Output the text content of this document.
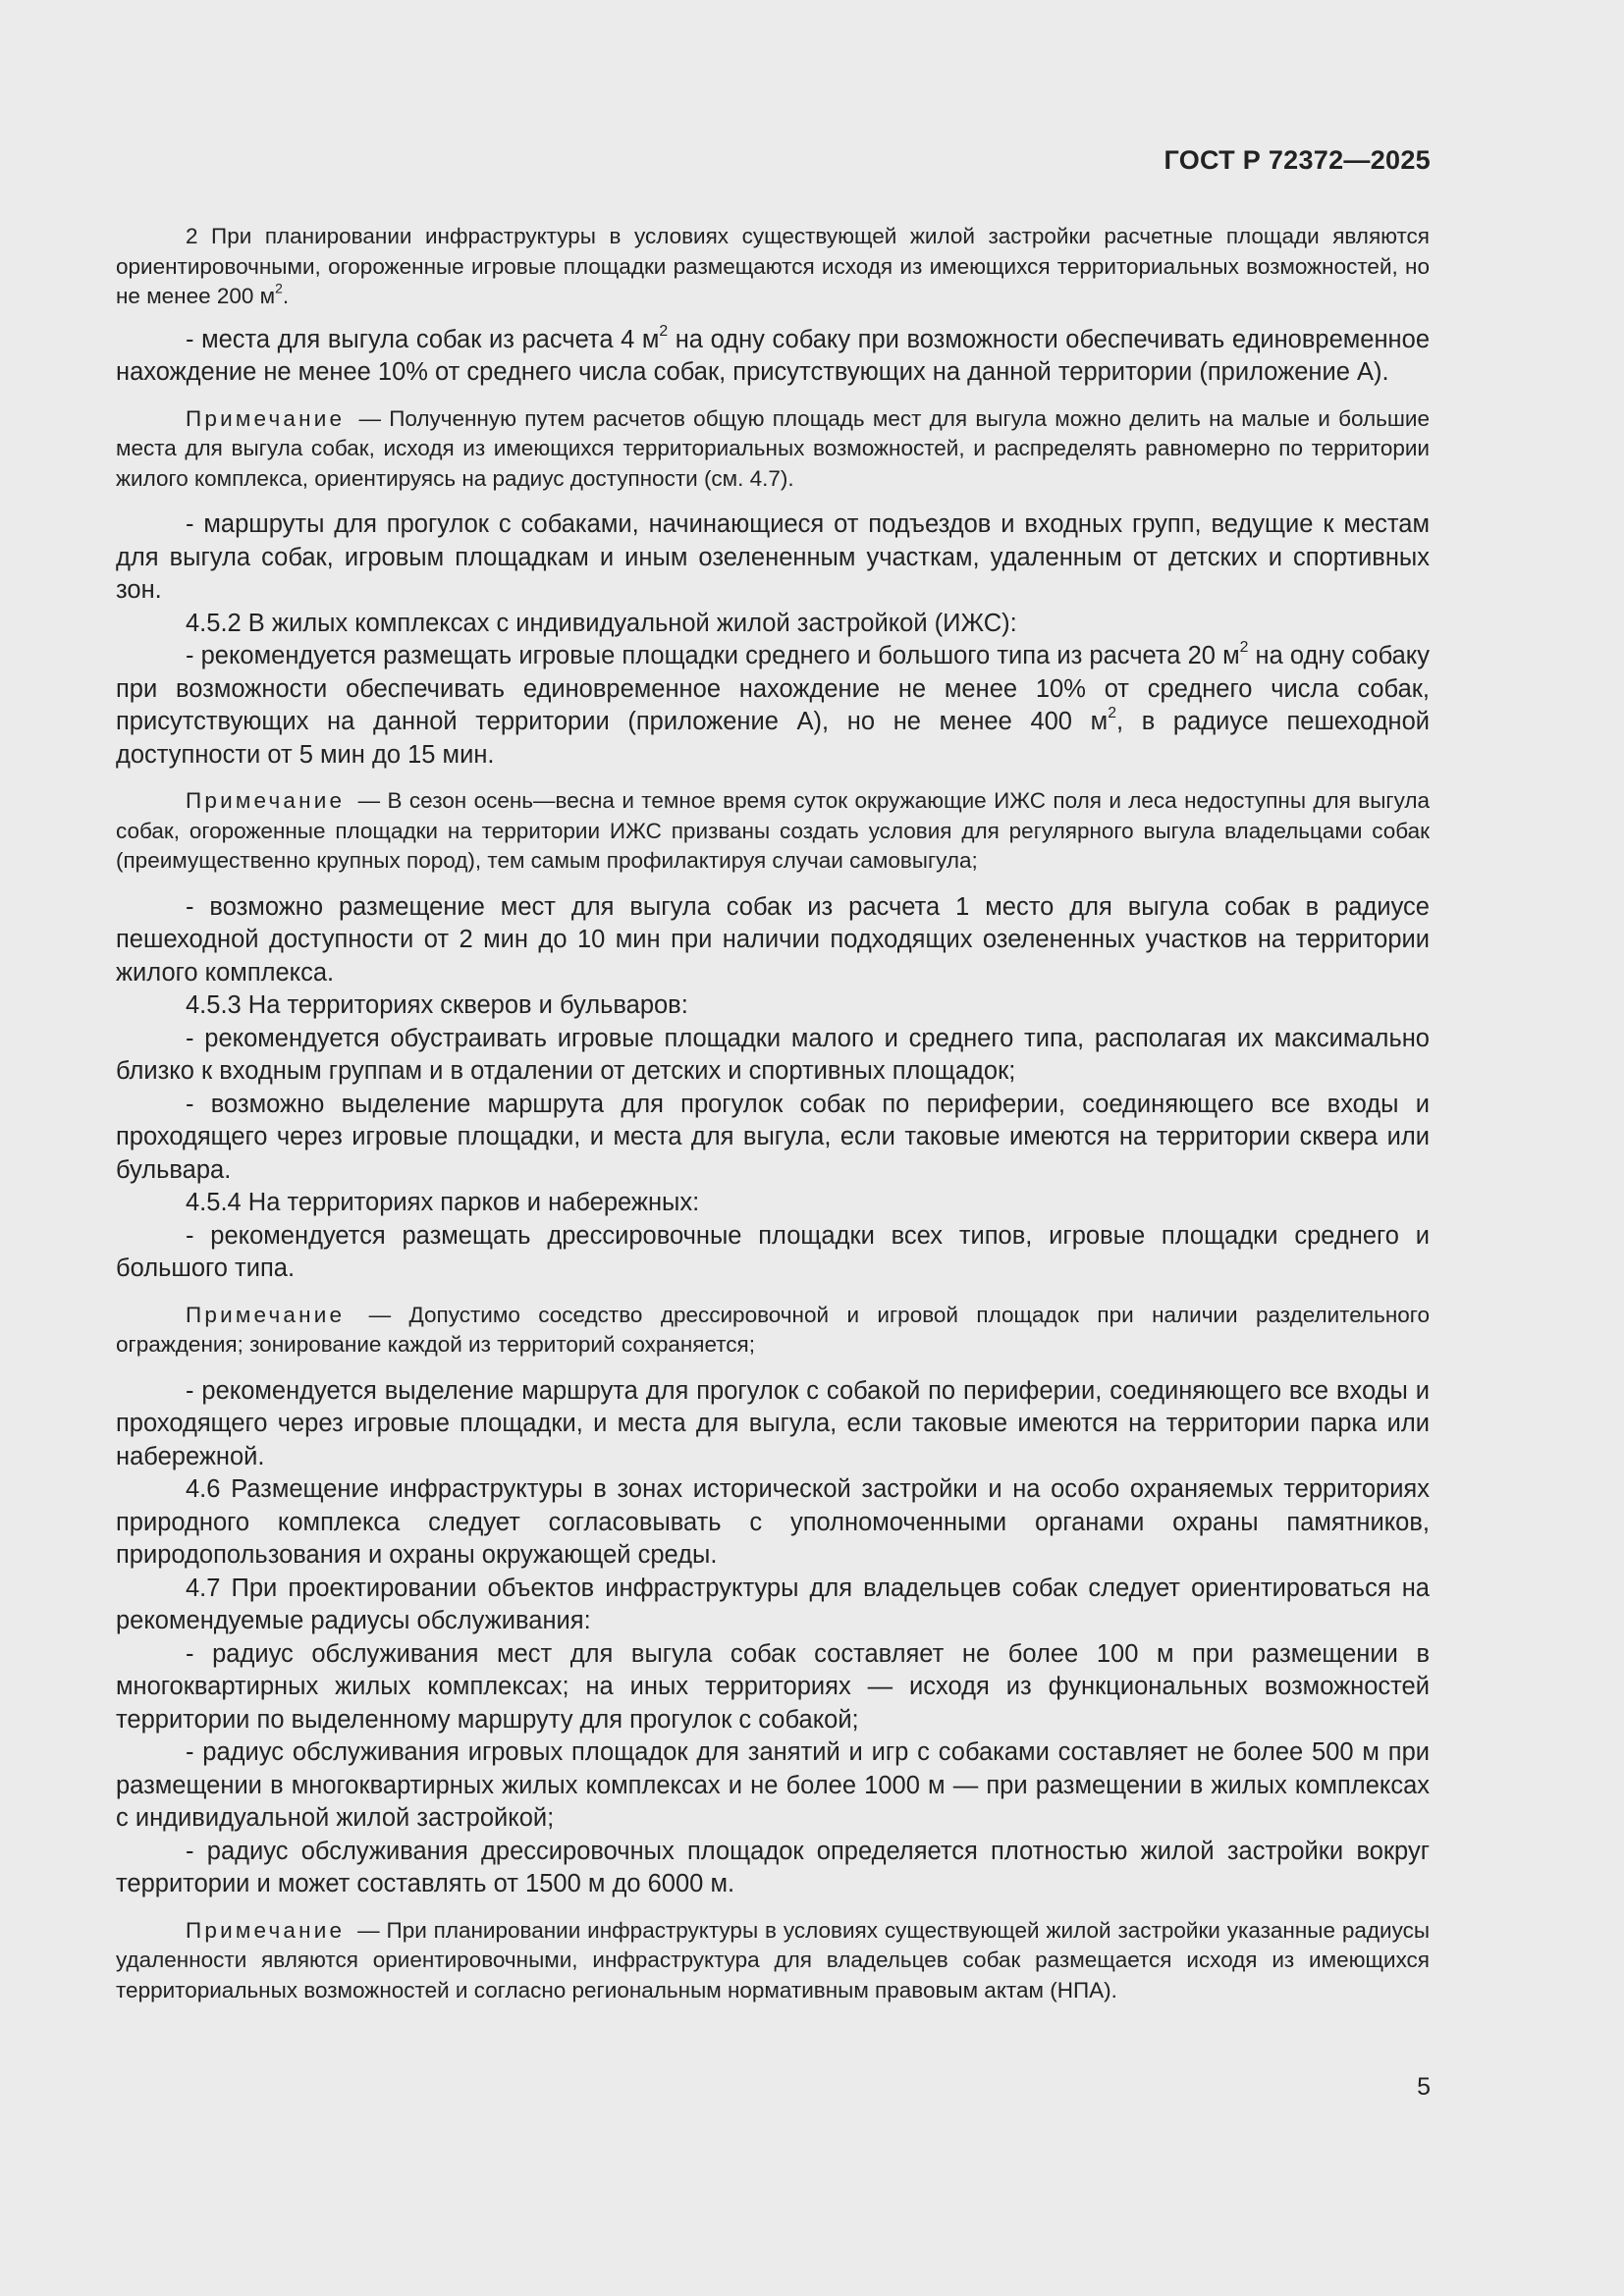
ГОСТ Р 72372—2025

2 При планировании инфраструктуры в условиях существующей жилой застройки расчетные площади являются ориентировочными, огороженные игровые площадки размещаются исходя из имеющихся территориальных возможностей, но не менее 200 $м^2$.

- места для выгула собак из расчета 4 $м^2$ на одну собаку при возможности обеспечивать единовременное нахождение не менее 10% от среднего числа собак, присутствующих на данной территории (приложение А).

Примечание — Полученную путем расчетов общую площадь мест для выгула можно делить на малые и большие места для выгула собак, исходя из имеющихся территориальных возможностей, и распределять равномерно по территории жилого комплекса, ориентируясь на радиус доступности (см. 4.7).

- маршруты для прогулок с собаками, начинающиеся от подъездов и входных групп, ведущие к местам для выгула собак, игровым площадкам и иным озелененным участкам, удаленным от детских и спортивных зон.

4.5.2 В жилых комплексах с индивидуальной жилой застройкой (ИЖС):

- рекомендуется размещать игровые площадки среднего и большого типа из расчета 20 $м^2$ на одну собаку при возможности обеспечивать единовременное нахождение не менее 10% от среднего числа собак, присутствующих на данной территории (приложение А), но не менее 400 $м^2$, в радиусе пешеходной доступности от 5 мин до 15 мин.

Примечание — В сезон осень—весна и темное время суток окружающие ИЖС поля и леса недоступны для выгула собак, огороженные площадки на территории ИЖС призваны создать условия для регулярного выгула владельцами собак (преимущественно крупных пород), тем самым профилактируя случаи самовыгула;

- возможно размещение мест для выгула собак из расчета 1 место для выгула собак в радиусе пешеходной доступности от 2 мин до 10 мин при наличии подходящих озелененных участков на территории жилого комплекса.

4.5.3 На территориях скверов и бульваров:

- рекомендуется обустраивать игровые площадки малого и среднего типа, располагая их максимально близко к входным группам и в отдалении от детских и спортивных площадок;

- возможно выделение маршрута для прогулок собак по периферии, соединяющего все входы и проходящего через игровые площадки, и места для выгула, если таковые имеются на территории сквера или бульвара.

4.5.4 На территориях парков и набережных:

- рекомендуется размещать дрессировочные площадки всех типов, игровые площадки среднего и большого типа.

Примечание — Допустимо соседство дрессировочной и игровой площадок при наличии разделительного ограждения; зонирование каждой из территорий сохраняется;

- рекомендуется выделение маршрута для прогулок с собакой по периферии, соединяющего все входы и проходящего через игровые площадки, и места для выгула, если таковые имеются на территории парка или набережной.

4.6 Размещение инфраструктуры в зонах исторической застройки и на особо охраняемых территориях природного комплекса следует согласовывать с уполномоченными органами охраны памятников, природопользования и охраны окружающей среды.

4.7 При проектировании объектов инфраструктуры для владельцев собак следует ориентироваться на рекомендуемые радиусы обслуживания:

- радиус обслуживания мест для выгула собак составляет не более 100 м при размещении в многоквартирных жилых комплексах; на иных территориях — исходя из функциональных возможностей территории по выделенному маршруту для прогулок с собакой;

- радиус обслуживания игровых площадок для занятий и игр с собаками составляет не более 500 м при размещении в многоквартирных жилых комплексах и не более 1000 м — при размещении в жилых комплексах с индивидуальной жилой застройкой;

- радиус обслуживания дрессировочных площадок определяется плотностью жилой застройки вокруг территории и может составлять от 1500 м до 6000 м.

Примечание — При планировании инфраструктуры в условиях существующей жилой застройки указанные радиусы удаленности являются ориентировочными, инфраструктура для владельцев собак размещается исходя из имеющихся территориальных возможностей и согласно региональным нормативным правовым актам (НПА).

5
